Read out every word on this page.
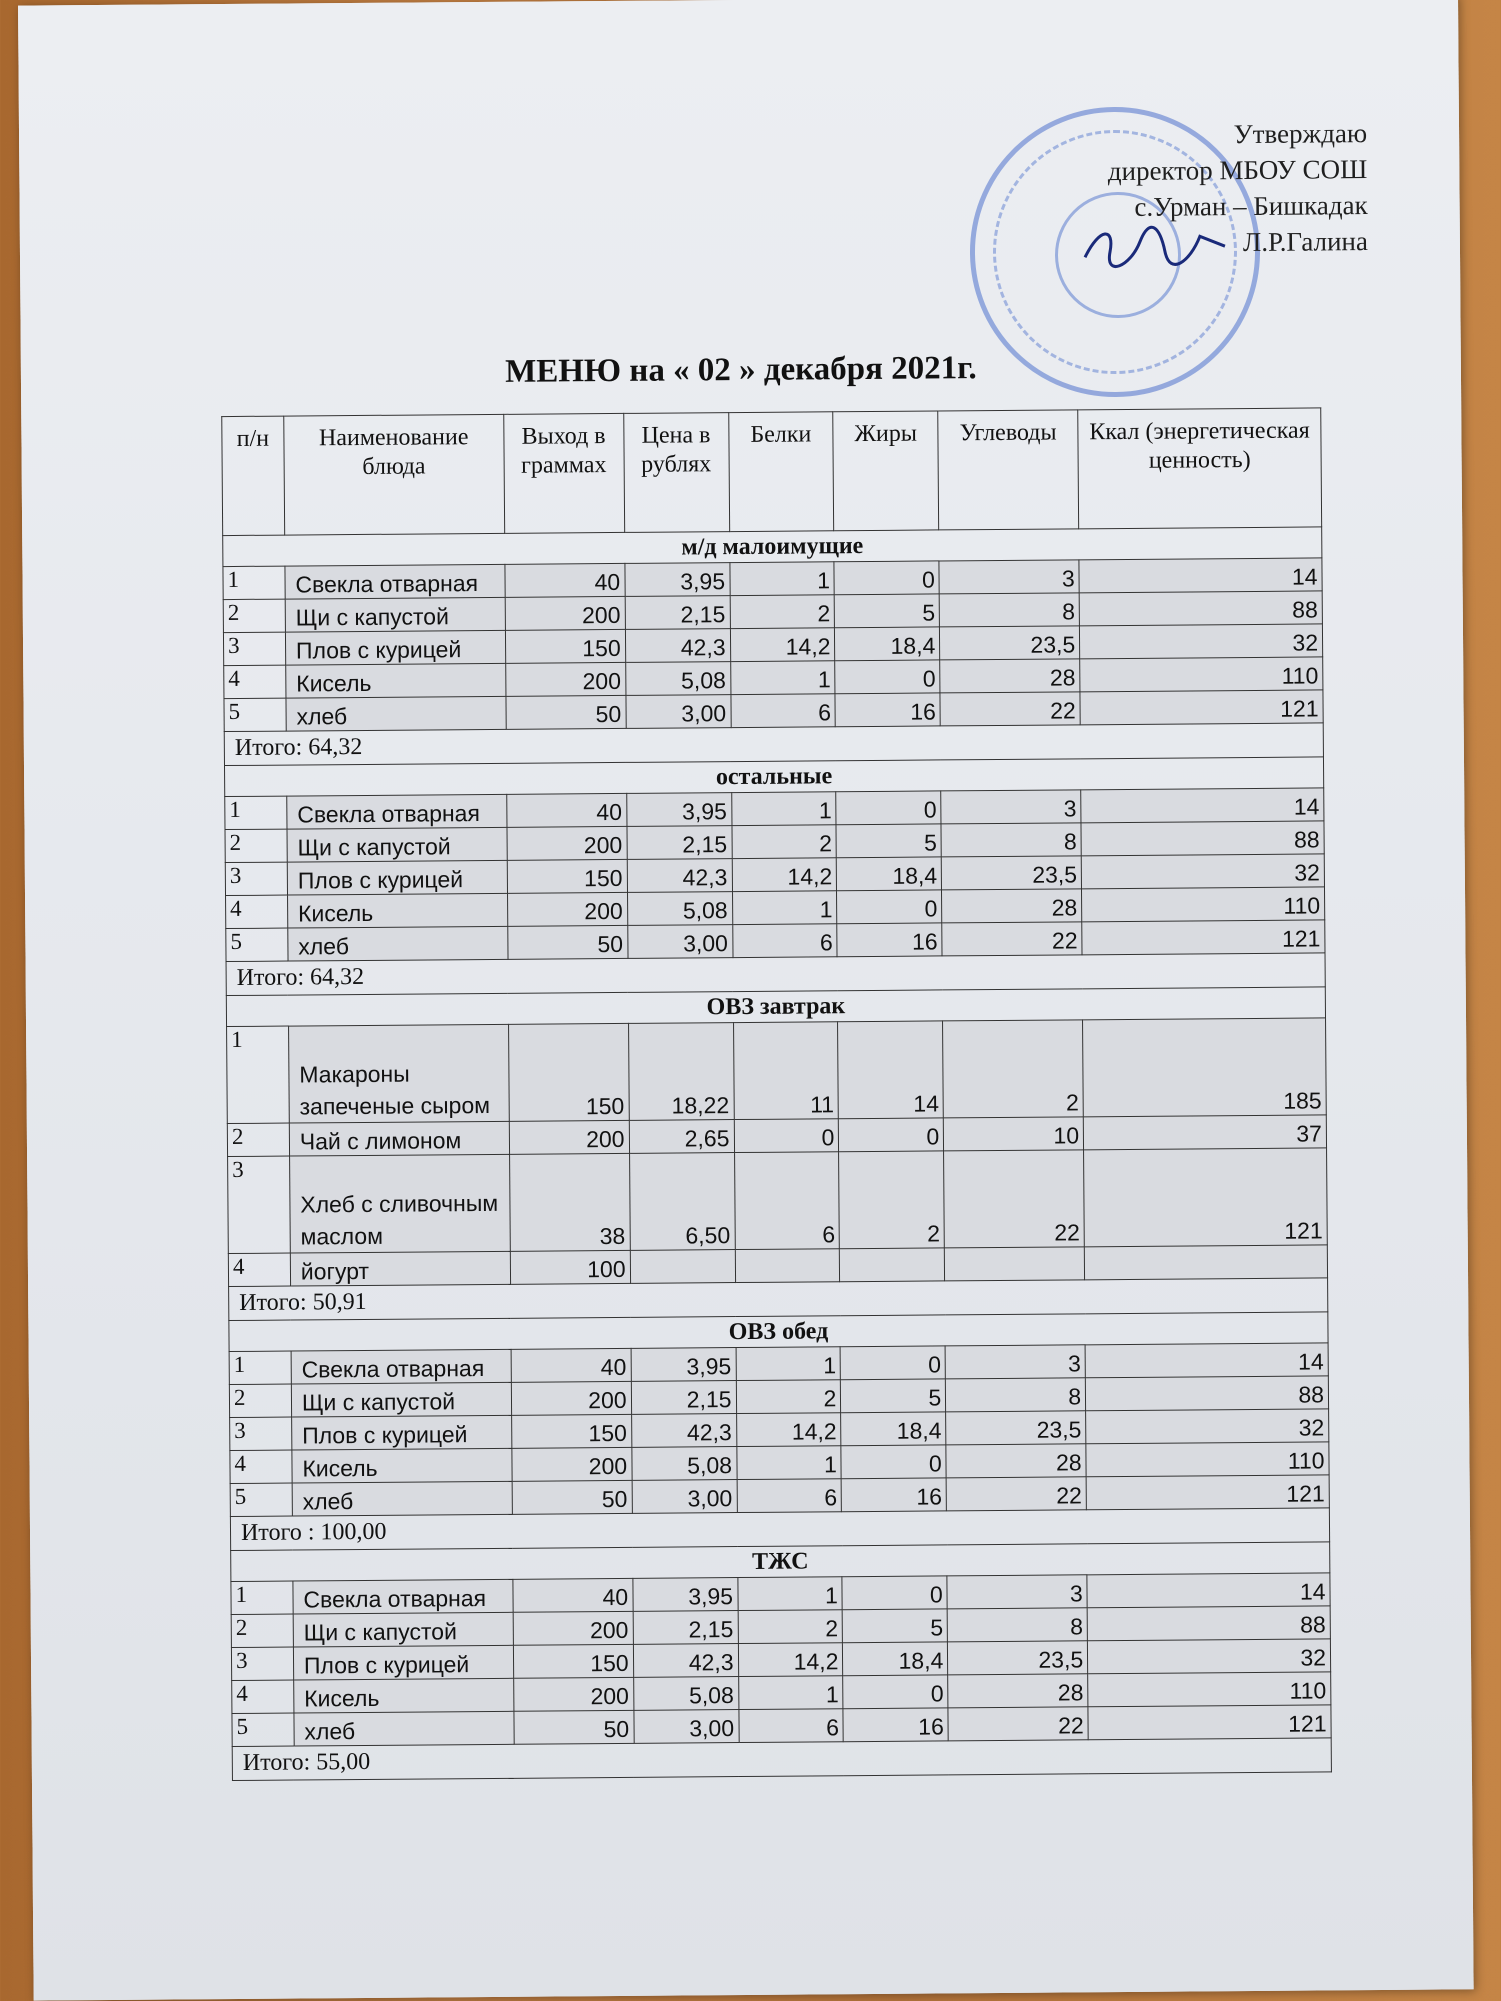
Утверждаю
директор МБОУ СОШ
с.Урман – Бишкадак
Л.Р.Галина
МЕНЮ на « 02 » декабря 2021г.
п/н	Наименование блюда	Выход в граммах	Цена в рублях	Белки	Жиры	Углеводы	Ккал (энергетическая ценность)
м/д малоимущие							
1	Свекла отварная	40	3,95	1	0	3	14
2	Щи с капустой	200	2,15	2	5	8	88
3	Плов с курицей	150	42,3	14,2	18,4	23,5	32
4	Кисель	200	5,08	1	0	28	110
5	хлеб	50	3,00	6	16	22	121
Итого: 64,32							
остальные							
1	Свекла отварная	40	3,95	1	0	3	14
2	Щи с капустой	200	2,15	2	5	8	88
3	Плов с курицей	150	42,3	14,2	18,4	23,5	32
4	Кисель	200	5,08	1	0	28	110
5	хлеб	50	3,00	6	16	22	121
Итого: 64,32							
ОВЗ завтрак							
1	Макароны запеченые сыром	150	18,22	11	14	2	185
2	Чай с лимоном	200	2,65	0	0	10	37
3	Хлеб с сливочным маслом	38	6,50	6	2	22	121
4	йогурт	100					
Итого: 50,91							
ОВЗ обед							
1	Свекла отварная	40	3,95	1	0	3	14
2	Щи с капустой	200	2,15	2	5	8	88
3	Плов с курицей	150	42,3	14,2	18,4	23,5	32
4	Кисель	200	5,08	1	0	28	110
5	хлеб	50	3,00	6	16	22	121
Итого : 100,00							
ТЖС							
1	Свекла отварная	40	3,95	1	0	3	14
2	Щи с капустой	200	2,15	2	5	8	88
3	Плов с курицей	150	42,3	14,2	18,4	23,5	32
4	Кисель	200	5,08	1	0	28	110
5	хлеб	50	3,00	6	16	22	121
Итого: 55,00							
